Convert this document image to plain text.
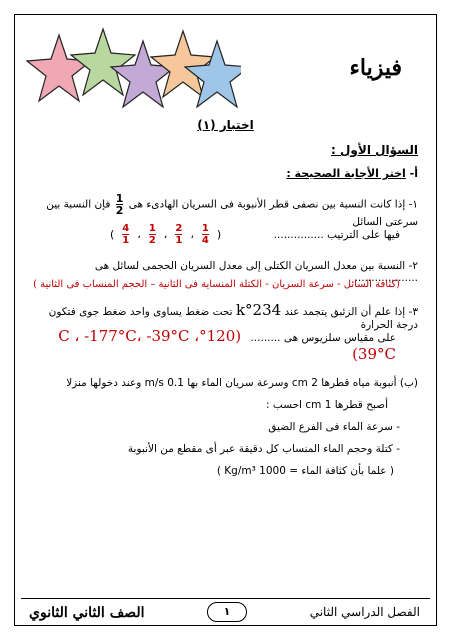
فيزياء
اختبار (١)
السؤال الأول :
أ- اختر الأجابة الصحيحة :
١- إذا كانت النسبة بين نصفى قطر الأنبوبة فى السريان الهادىء هى $\frac{1}{2}$
فإن النسبة بين سرعتى السائل
فيها على الترتيب ...............
( 4
1 ، 1
2 ، 2
1 ، 1
4 )
٢- النسبة بين معدل السريان الكتلى إلى معدل السريان الحجمى لسائل هى ...................
(كثافة السائل - سرعة السريان - الكتلة المنساية فى الثانية – الحجم المنساب فى الثانية )
٣- إذا علم أن الزئبق يتجمد عند 234°k تحت ضغط يساوى واحد ضغط جوى فتكون درجة الحرارة
على مقياس سلزيوس هى ......... (120°C ، -177°C، -39°C ، 39°C)
(ب) أنبوبة مياه قطرها 2 cm وسرعة سريان الماء بها 0.1 m/s وعند دخولها منزلا
أصبح قطرها 1 cm احسب :
- سرعة الماء فى الفرع الضيق
- كتلة وحجم الماء المنساب كل دقيقة عبر أى مقطع من الأنبوبة
( علما بأن كثافة الماء = 1000 Kg/m³ )
الصف الثاني الثانوي	١	الفصل الدراسي الثاني
